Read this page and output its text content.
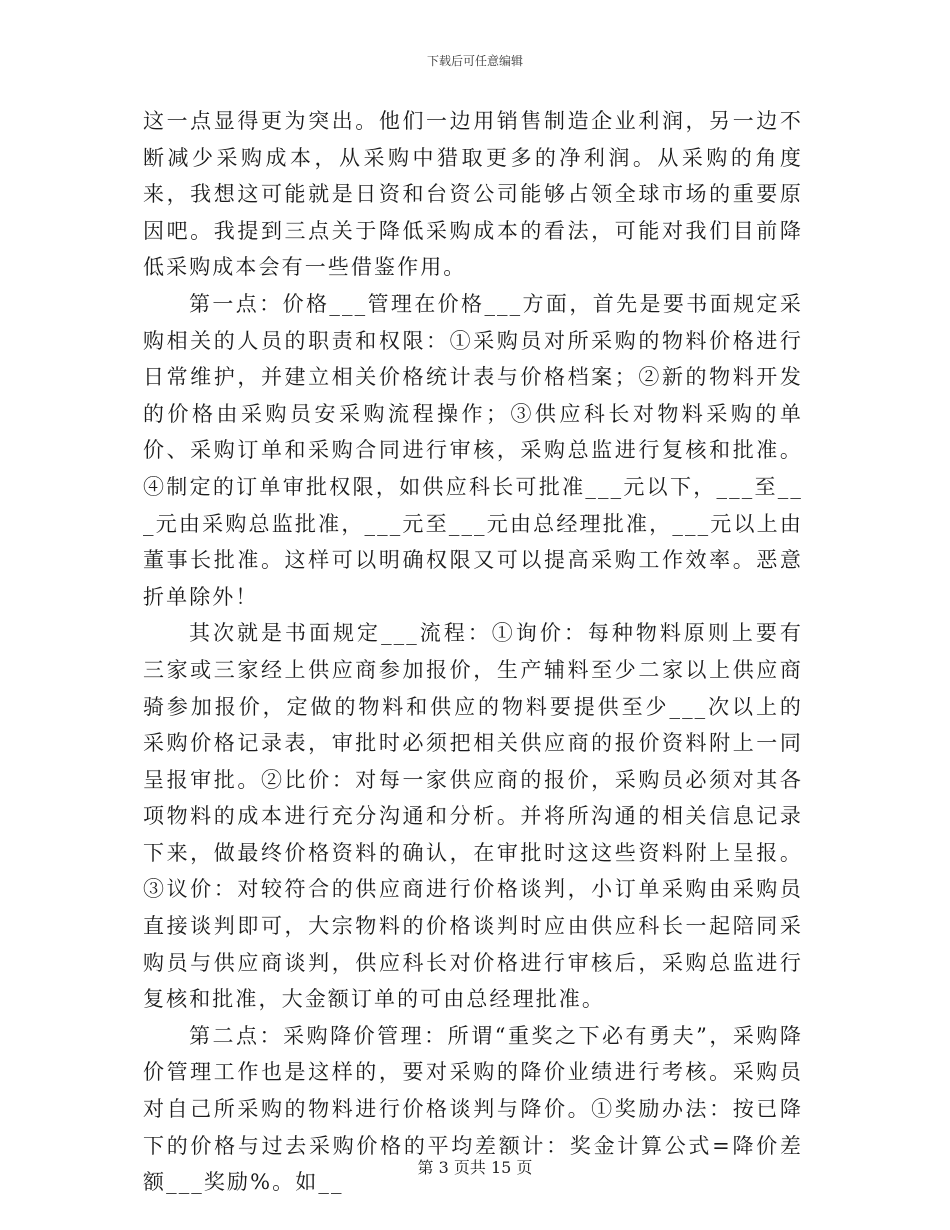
下载后可任意编辑

这一点显得更为突出。他们一边用销售制造企业利润，另一边不断减少采购成本，从采购中猎取更多的净利润。从采购的角度来，我想这可能就是日资和台资公司能够占领全球市场的重要原因吧。我提到三点关于降低采购成本的看法，可能对我们目前降低采购成本会有一些借鉴作用。

第一点：价格___管理在价格___方面，首先是要书面规定采购相关的人员的职责和权限：①采购员对所采购的物料价格进行日常维护，并建立相关价格统计表与价格档案；②新的物料开发的价格由采购员安采购流程操作；③供应科长对物料采购的单价、采购订单和采购合同进行审核，采购总监进行复核和批准。④制定的订单审批权限，如供应科长可批准___元以下，___至___元由采购总监批准，___元至___元由总经理批准，___元以上由董事长批准。这样可以明确权限又可以提高采购工作效率。恶意折单除外！

其次就是书面规定___流程：①询价：每种物料原则上要有三家或三家经上供应商参加报价，生产辅料至少二家以上供应商骑参加报价，定做的物料和供应的物料要提供至少___次以上的采购价格记录表，审批时必须把相关供应商的报价资料附上一同呈报审批。②比价：对每一家供应商的报价，采购员必须对其各项物料的成本进行充分沟通和分析。并将所沟通的相关信息记录下来，做最终价格资料的确认，在审批时这这些资料附上呈报。③议价：对较符合的供应商进行价格谈判，小订单采购由采购员直接谈判即可，大宗物料的价格谈判时应由供应科长一起陪同采购员与供应商谈判，供应科长对价格进行审核后，采购总监进行复核和批准，大金额订单的可由总经理批准。

第二点：采购降价管理：所谓“重奖之下必有勇夫”，采购降价管理工作也是这样的，要对采购的降价业绩进行考核。采购员对自己所采购的物料进行价格谈判与降价。①奖励办法：按已降下的价格与过去采购价格的平均差额计：奖金计算公式=降价差额___奖励%。如__

第 3 页共 15 页
